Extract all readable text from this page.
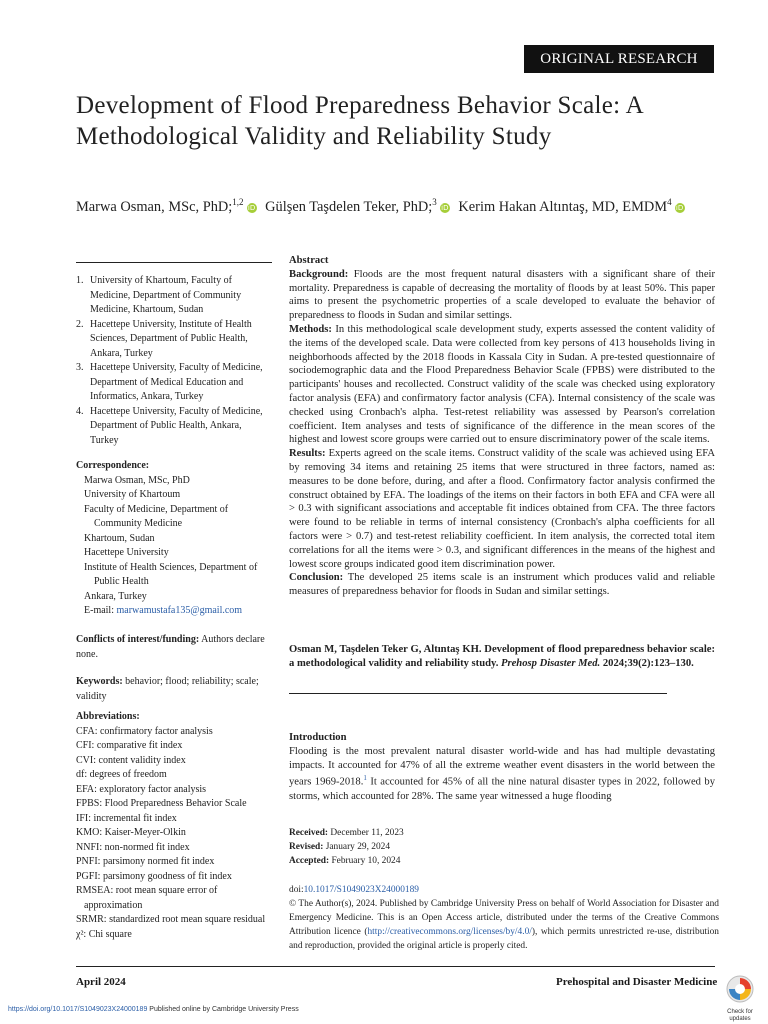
ORIGINAL RESEARCH
Development of Flood Preparedness Behavior Scale: A Methodological Validity and Reliability Study
Marwa Osman, MSc, PhD;$^{1,2}$iD Gülşen Taşdelen Teker, PhD;$^3$iD Kerim Hakan Altıntaş, MD, EMDM$^4$iD
1. University of Khartoum, Faculty of Medicine, Department of Community Medicine, Khartoum, Sudan
2. Hacettepe University, Institute of Health Sciences, Department of Public Health, Ankara, Turkey
3. Hacettepe University, Faculty of Medicine, Department of Medical Education and Informatics, Ankara, Turkey
4. Hacettepe University, Faculty of Medicine, Department of Public Health, Ankara, Turkey
Correspondence:
Marwa Osman, MSc, PhD
University of Khartoum
Faculty of Medicine, Department of
Community Medicine
Khartoum, Sudan
Hacettepe University
Institute of Health Sciences, Department of
Public Health
Ankara, Turkey
E-mail: marwamustafa135@gmail.com
Conflicts of interest/funding: Authors declare none.
Keywords: behavior; flood; reliability; scale; validity
Abbreviations:
CFA: confirmatory factor analysis
CFI: comparative fit index
CVI: content validity index
df: degrees of freedom
EFA: exploratory factor analysis
FPBS: Flood Preparedness Behavior Scale
IFI: incremental fit index
KMO: Kaiser-Meyer-Olkin
NNFI: non-normed fit index
PNFI: parsimony normed fit index
PGFI: parsimony goodness of fit index
RMSEA: root mean square error of
approximation
SRMR: standardized root mean square residual
χ²: Chi square

Abstract

Background: Floods are the most frequent natural disasters with a significant share of their mortality. Preparedness is capable of decreasing the mortality of floods by at least 50%. This paper aims to present the psychometric properties of a scale developed to evaluate the behavior of preparedness to floods in Sudan and similar settings.

Methods: In this methodological scale development study, experts assessed the content validity of the items of the developed scale. Data were collected from key persons of 413 households living in neighborhoods affected by the 2018 floods in Kassala City in Sudan. A pre-tested questionnaire of sociodemographic data and the Flood Preparedness Behavior Scale (FPBS) were distributed to the participants' houses and recollected. Construct validity of the scale was checked using exploratory factor analysis (EFA) and confirmatory factor analysis (CFA). Internal consistency of the scale was checked using Cronbach's alpha. Test-retest reliability was assessed by Pearson's correlation coefficient. Item analyses and tests of significance of the difference in the mean scores of the highest and lowest score groups were carried out to ensure discriminatory power of the scale items.

Results: Experts agreed on the scale items. Construct validity of the scale was achieved using EFA by removing 34 items and retaining 25 items that were structured in three factors, named as: measures to be done before, during, and after a flood. Confirmatory factor analysis confirmed the construct obtained by EFA. The loadings of the items on their factors in both EFA and CFA were all > 0.3 with significant associations and acceptable fit indices obtained from CFA. The three factors were found to be reliable in terms of internal consistency (Cronbach's alpha coefficients for all factors were > 0.7) and test-retest reliability coefficient. In item analysis, the corrected total item correlations for all the items were > 0.3, and significant differences in the means of the highest and lowest score groups indicated good item discrimination power.

Conclusion: The developed 25 items scale is an instrument which produces valid and reliable measures of preparedness behavior for floods in Sudan and similar settings.

Osman M, Taşdelen Teker G, Altıntaş KH. Development of flood preparedness behavior scale: a methodological validity and reliability study. Prehosp Disaster Med. 2024;39(2):123–130.

Introduction

Flooding is the most prevalent natural disaster world-wide and has had multiple devastating impacts. It accounted for 47% of all the extreme weather event disasters in the world between the years 1969-2018.$^1$ It accounted for 45% of all the nine natural disaster types in 2022, followed by storms, which accounted for 28%. The same year witnessed a huge flooding

Received: December 11, 2023
Revised: January 29, 2024
Accepted: February 10, 2024
doi:10.1017/S1049023X24000189
© The Author(s), 2024. Published by Cambridge University Press on behalf of World Association for Disaster and Emergency Medicine. This is an Open Access article, distributed under the terms of the Creative Commons Attribution licence (http://creativecommons.org/licenses/by/4.0/), which permits unrestricted re-use, distribution and reproduction, provided the original article is properly cited.
April 2024	Prehospital and Disaster Medicine
https://doi.org/10.1017/S1049023X24000189 Published online by Cambridge University Press	Check for
updates
